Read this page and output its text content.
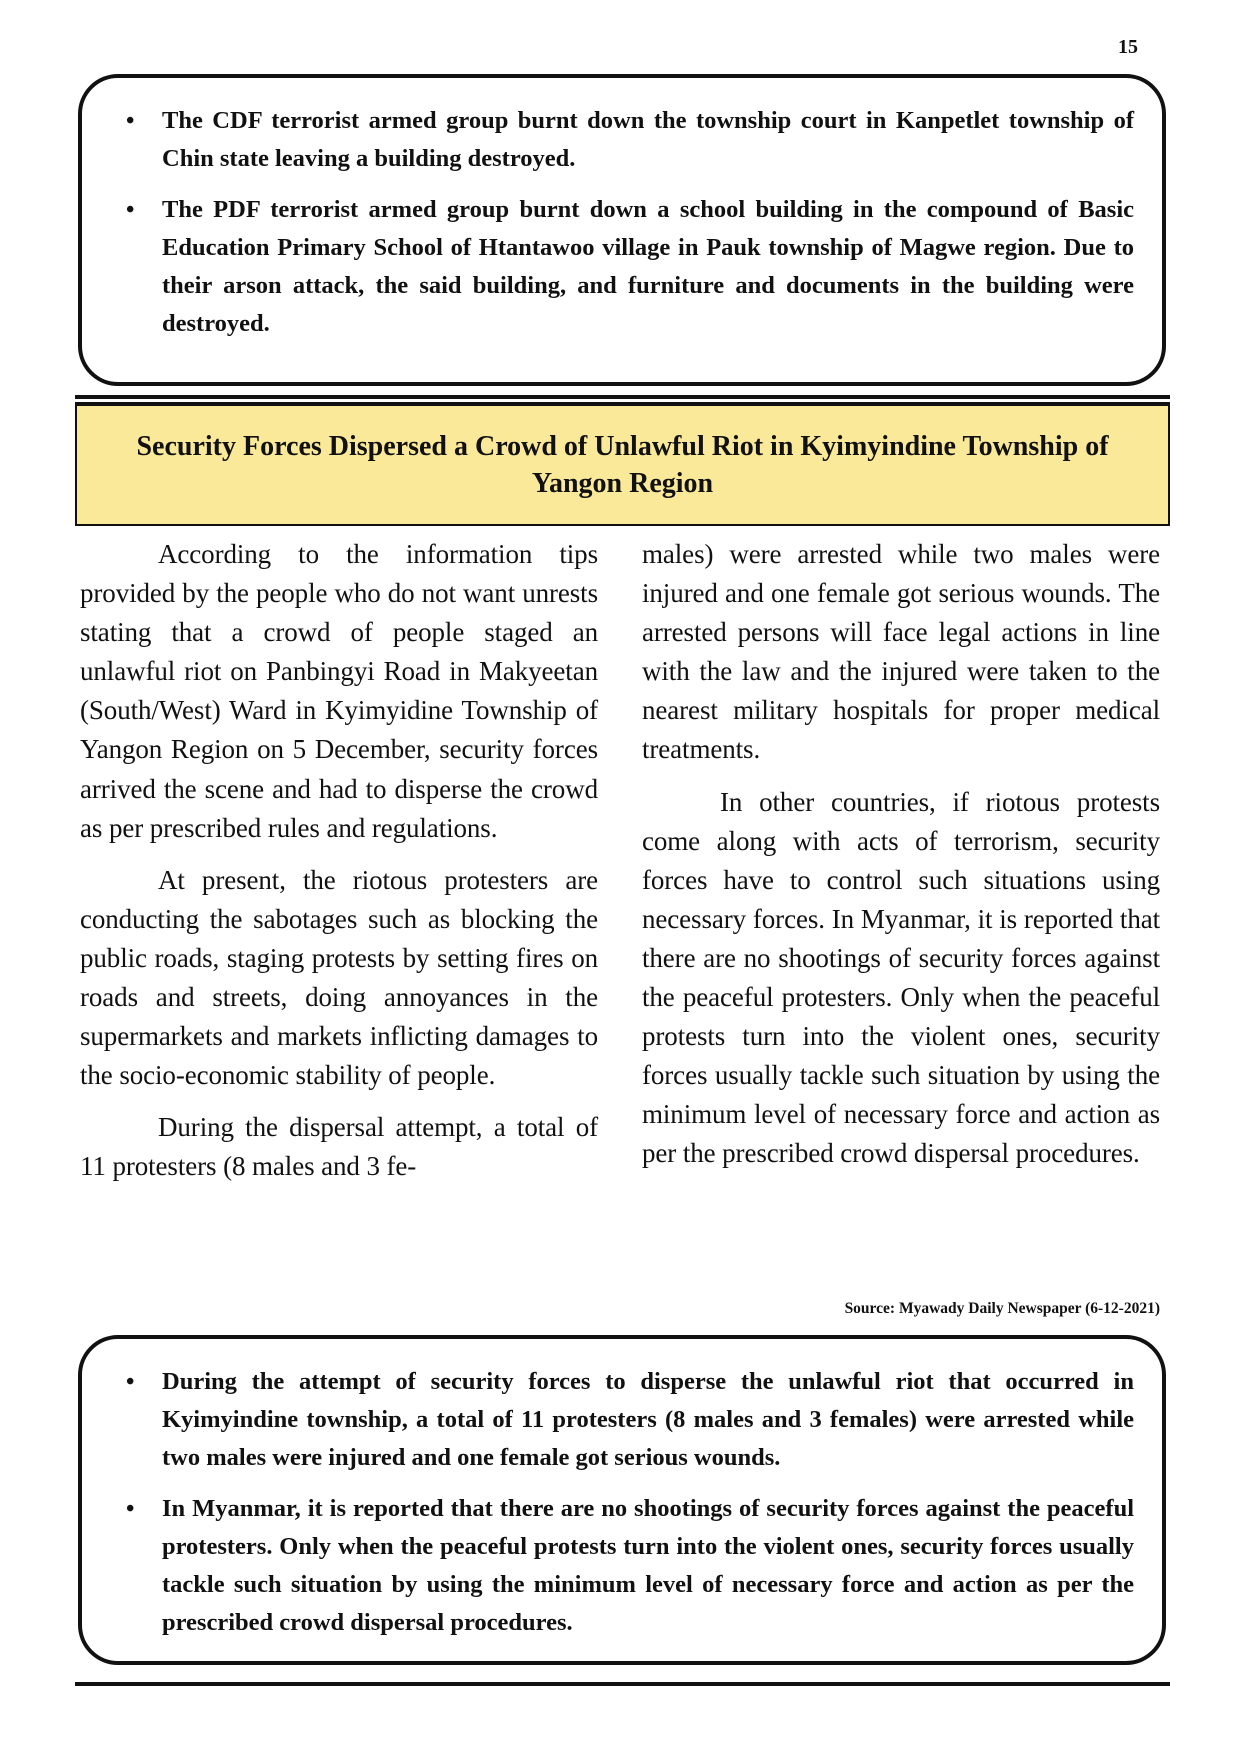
15
• The CDF terrorist armed group burnt down the township court in Kanpetlet township of Chin state leaving a building destroyed.
• The PDF terrorist armed group burnt down a school building in the compound of Basic Education Primary School of Htantawoo village in Pauk township of Magwe region. Due to their arson attack, the said building, and furniture and documents in the building were destroyed.
Security Forces Dispersed a Crowd of Unlawful Riot in Kyimyindine Township of Yangon Region

According to the information tips provided by the people who do not want unrests stating that a crowd of people staged an unlawful riot on Panbingyi Road in Makyeetan (South/West) Ward in Kyimyidine Township of Yangon Region on 5 December, security forces arrived the scene and had to disperse the crowd as per prescribed rules and regulations.

At present, the riotous protesters are conducting the sabotages such as blocking the public roads, staging protests by setting fires on roads and streets, doing annoyances in the supermarkets and markets inflicting damages to the socio-economic stability of people.

During the dispersal attempt, a total of 11 protesters (8 males and 3 fe-

males) were arrested while two males were injured and one female got serious wounds. The arrested persons will face legal actions in line with the law and the injured were taken to the nearest military hospitals for proper medical treatments.

In other countries, if riotous protests come along with acts of terrorism, security forces have to control such situations using necessary forces. In Myanmar, it is reported that there are no shootings of security forces against the peaceful protesters. Only when the peaceful protests turn into the violent ones, security forces usually tackle such situation by using the minimum level of necessary force and action as per the prescribed crowd dispersal procedures.

Source: Myawady Daily Newspaper (6-12-2021)
• During the attempt of security forces to disperse the unlawful riot that occurred in Kyimyindine township, a total of 11 protesters (8 males and 3 females) were arrested while two males were injured and one female got serious wounds.
• In Myanmar, it is reported that there are no shootings of security forces against the peaceful protesters. Only when the peaceful protests turn into the violent ones, security forces usually tackle such situation by using the minimum level of necessary force and action as per the prescribed crowd dispersal procedures.
